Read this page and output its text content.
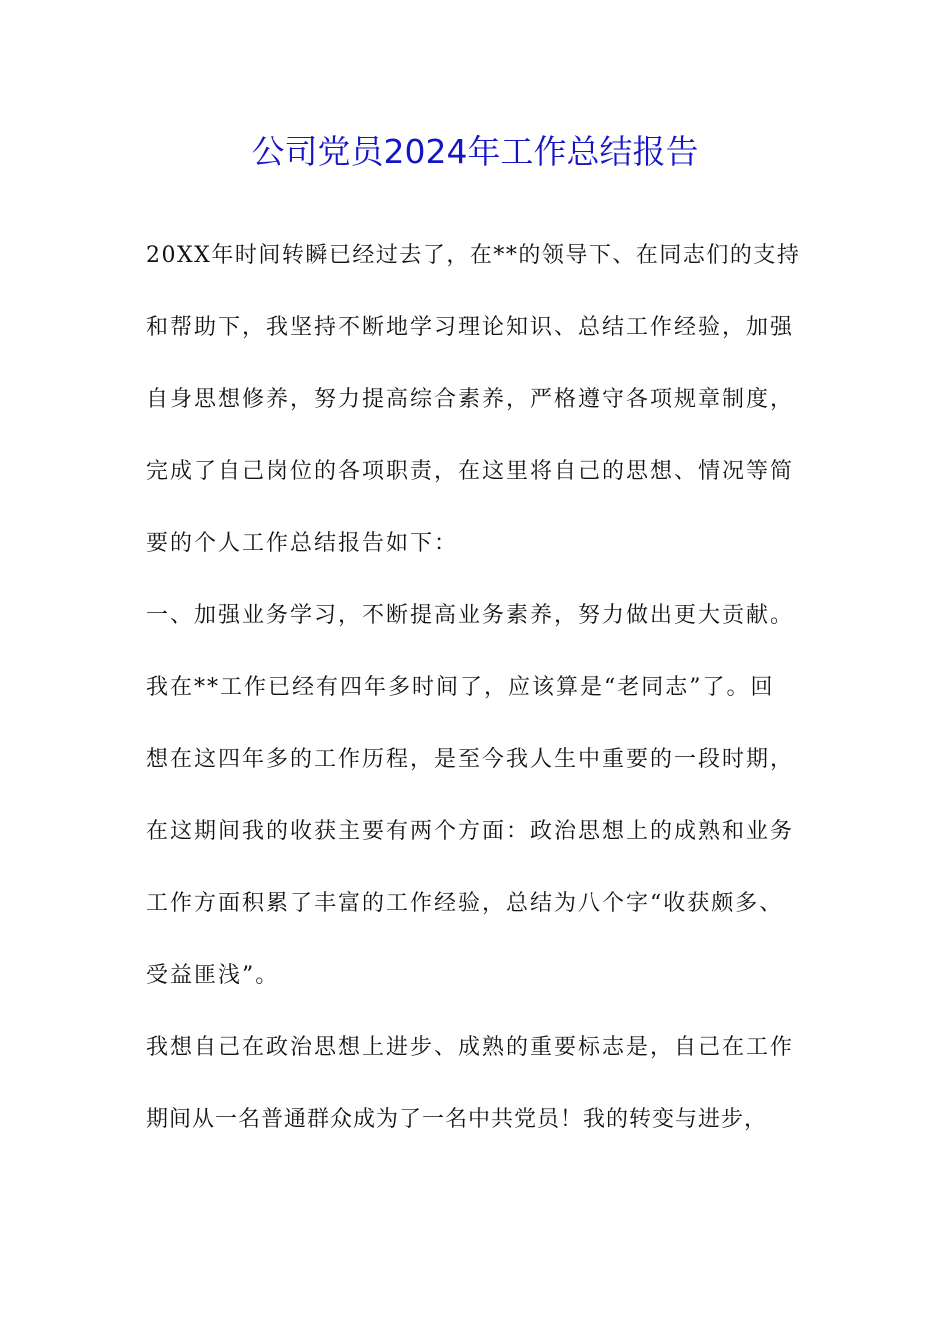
公司党员2024年工作总结报告
20XX年时间转瞬已经过去了，在**的领导下、在同志们的支持
和帮助下，我坚持不断地学习理论知识、总结工作经验，加强
自身思想修养，努力提高综合素养，严格遵守各项规章制度，
完成了自己岗位的各项职责，在这里将自己的思想、情况等简
要的个人工作总结报告如下：
一、加强业务学习，不断提高业务素养，努力做出更大贡献。
我在**工作已经有四年多时间了，应该算是“老同志”了。回
想在这四年多的工作历程，是至今我人生中重要的一段时期，
在这期间我的收获主要有两个方面：政治思想上的成熟和业务
工作方面积累了丰富的工作经验，总结为八个字“收获颇多、
受益匪浅”。
我想自己在政治思想上进步、成熟的重要标志是，自己在工作
期间从一名普通群众成为了一名中共党员！我的转变与进步，
